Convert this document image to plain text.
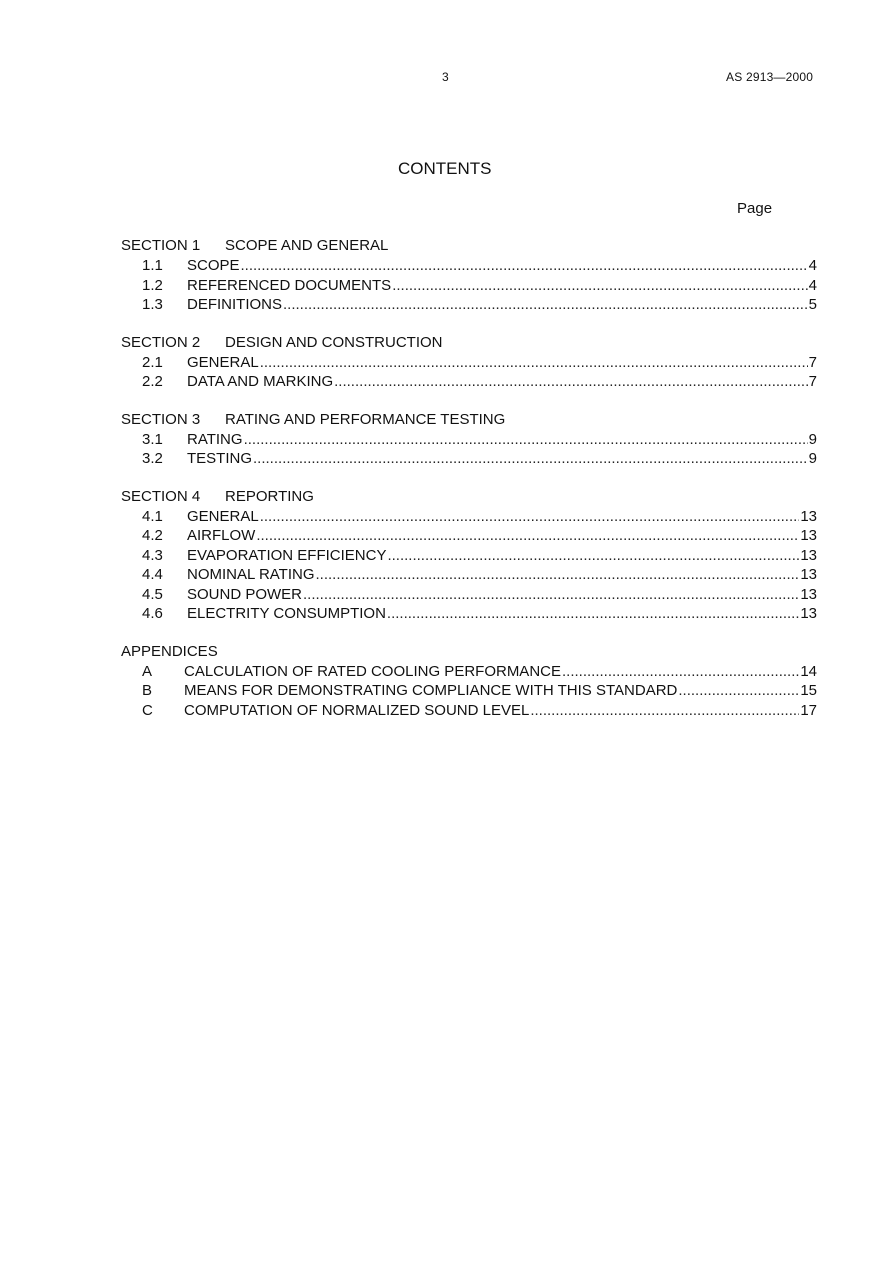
3	AS 2913—2000
CONTENTS
Page
SECTION 1 SCOPE AND GENERAL
1.1	SCOPE .....	4
1.2	REFERENCED DOCUMENTS .....	4
1.3	DEFINITIONS .....	5
SECTION 2 DESIGN AND CONSTRUCTION
2.1	GENERAL .....	7
2.2	DATA AND MARKING .....	7
SECTION 3 RATING AND PERFORMANCE TESTING
3.1	RATING .....	9
3.2	TESTING .....	9
SECTION 4 REPORTING
4.1	GENERAL .....	13
4.2	AIRFLOW .....	13
4.3	EVAPORATION EFFICIENCY .....	13
4.4	NOMINAL RATING .....	13
4.5	SOUND POWER .....	13
4.6	ELECTRITY CONSUMPTION .....	13
APPENDICES
A	CALCULATION OF RATED COOLING PERFORMANCE .....	14
B	MEANS FOR DEMONSTRATING COMPLIANCE WITH THIS STANDARD .....	15
C	COMPUTATION OF NORMALIZED SOUND LEVEL .....	17
